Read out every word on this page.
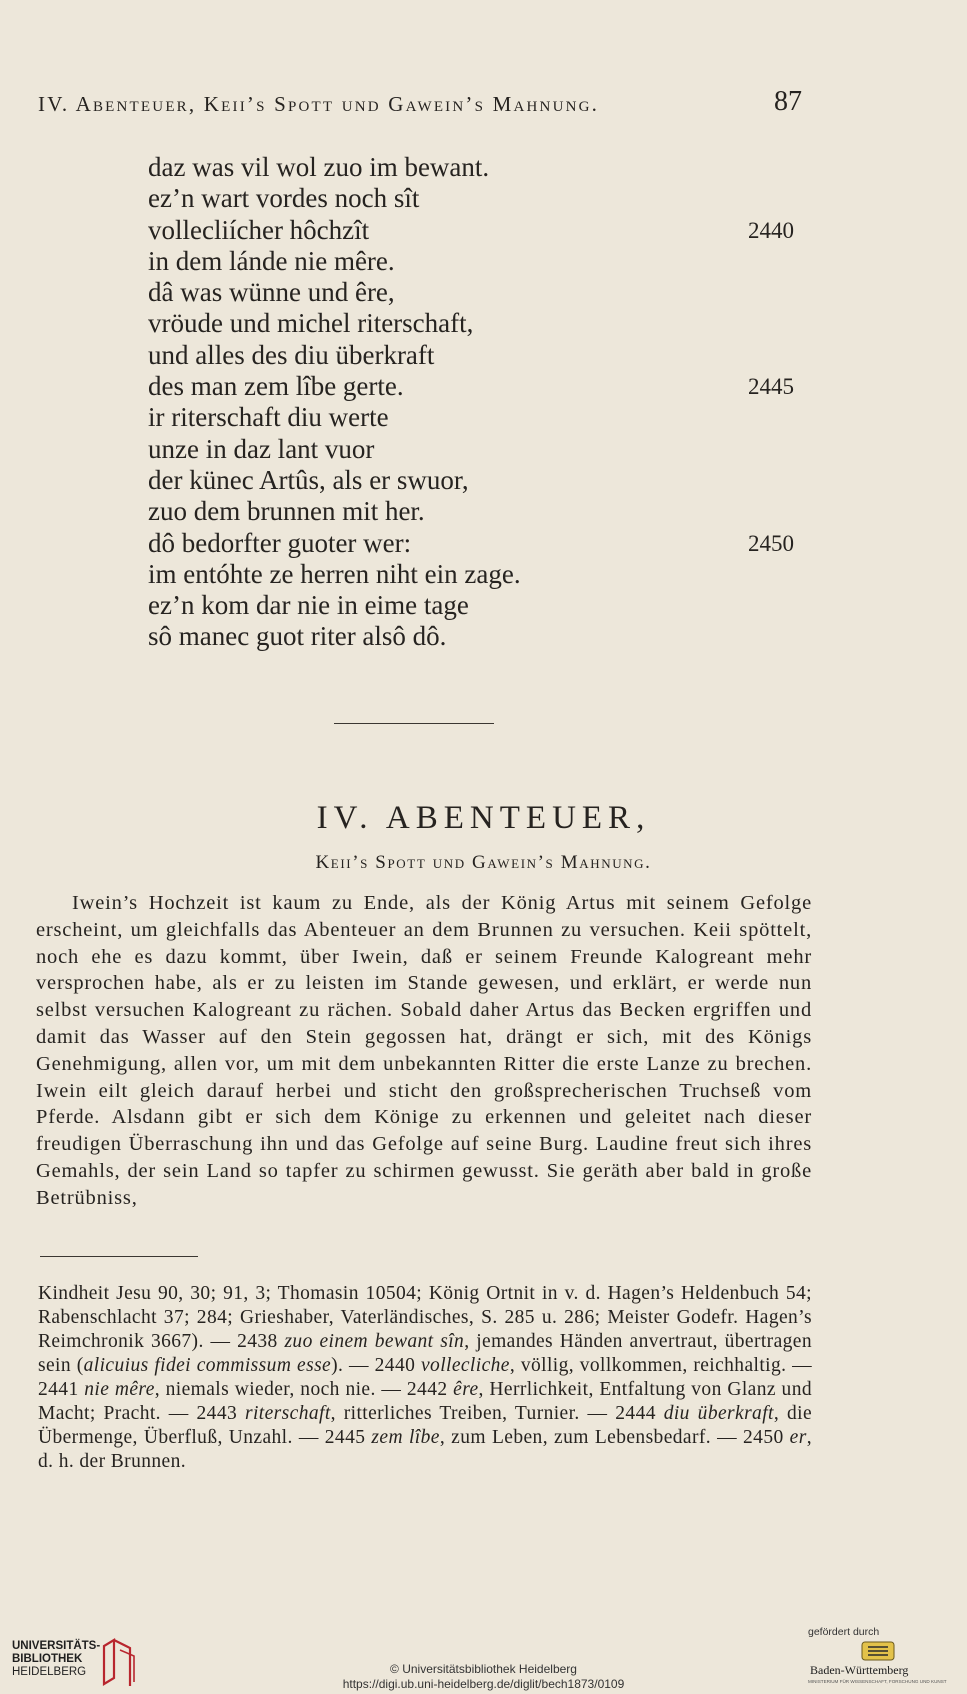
IV. Abenteuer, Keii’s Spott und Gawein’s Mahnung.	87
daz was vil wol zuo im bewant.
ez’n wart vordes noch sît
vollecliícher hôchzît	2440
in dem lánde nie mêre.
dâ was wünne und êre,
vröude und michel riterschaft,
und alles des diu überkraft
des man zem lîbe gerte.	2445
ir riterschaft diu werte
unze in daz lant vuor
der künec Artûs, als er swuor,
zuo dem brunnen mit her.
dô bedorfter guoter wer:	2450
im entóhte ze herren niht ein zage.
ez’n kom dar nie in eime tage
sô manec guot riter alsô dô.
IV. ABENTEUER,
Keii’s Spott und Gawein’s Mahnung.

Iwein’s Hochzeit ist kaum zu Ende, als der König Artus mit seinem Gefolge erscheint, um gleichfalls das Abenteuer an dem Brunnen zu versuchen. Keii spöttelt, noch ehe es dazu kommt, über Iwein, daß er seinem Freunde Kalogreant mehr versprochen habe, als er zu leisten im Stande gewesen, und erklärt, er werde nun selbst versuchen Kalogreant zu rächen. Sobald daher Artus das Becken ergriffen und damit das Wasser auf den Stein gegossen hat, drängt er sich, mit des Königs Genehmigung, allen vor, um mit dem unbekannten Ritter die erste Lanze zu brechen. Iwein eilt gleich darauf herbei und sticht den großsprecherischen Truchseß vom Pferde. Alsdann gibt er sich dem Könige zu erkennen und geleitet nach dieser freudigen Überraschung ihn und das Gefolge auf seine Burg. Laudine freut sich ihres Gemahls, der sein Land so tapfer zu schirmen gewusst. Sie geräth aber bald in große Betrübniss,

Kindheit Jesu 90, 30; 91, 3; Thomasin 10504; König Ortnit in v. d. Hagen’s Heldenbuch 54; Rabenschlacht 37; 284; Grieshaber, Vaterländisches, S. 285 u. 286; Meister Godefr. Hagen’s Reimchronik 3667). — 2438 zuo einem bewant sîn, jemandes Händen anvertraut, übertragen sein (alicuius fidei commissum esse). — 2440 vollecliche, völlig, vollkommen, reichhaltig. — 2441 nie mêre, niemals wieder, noch nie. — 2442 êre, Herrlichkeit, Entfaltung von Glanz und Macht; Pracht. — 2443 riterschaft, ritterliches Treiben, Turnier. — 2444 diu überkraft, die Übermenge, Überfluß, Unzahl. — 2445 zem lîbe, zum Leben, zum Lebensbedarf. — 2450 er, d. h. der Brunnen.

UNIVERSITÄTS-
BIBLIOTHEK
HEIDELBERG	© Universitätsbibliothek Heidelberg
https://digi.ub.uni-heidelberg.de/diglit/bech1873/0109
gefördert durch
Baden-Württemberg
MINISTERIUM FÜR WISSENSCHAFT, FORSCHUNG UND KUNST
